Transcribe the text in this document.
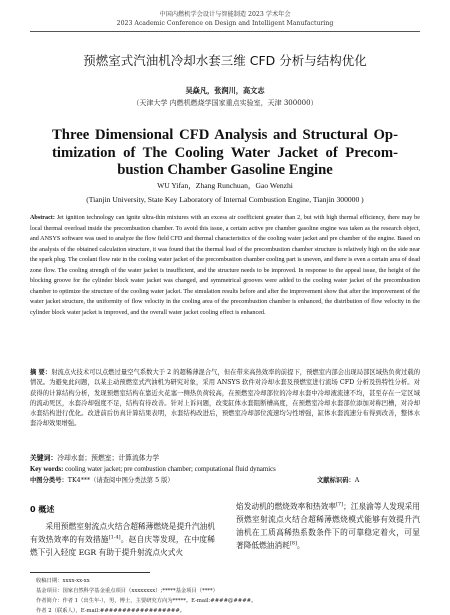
中国内燃机学会设计与智能制造 2023 学术年会
2023 Academic Conference on Design and Intelligent Manufacturing
预燃室式汽油机冷却水套三维 CFD 分析与结构优化
吴焱凡，张润川，高文志
（天津大学 内燃机燃烧学国家重点实验室，天津 300000）
Three Dimensional CFD Analysis and Structural Op-
timization of The Cooling Water Jacket of Precom-
bustion Chamber Gasoline Engine
WU Yifan，Zhang Runchuan，Gao Wenzhi
(Tianjin University, State Key Laboratory of Internal Combustion Engine, Tianjin 300000 )
Abstract: Jet ignition technology can ignite ultra-thin mixtures with an excess air coefficient greater than 2, but with high thermal efficiency, there may be local thermal overload inside the precombustion chamber. To avoid this issue, a certain active pre chamber gasoline engine was taken as the research object, and ANSYS software was used to analyze the flow field CFD and thermal characteristics of the cooling water jacket and pre chamber of the engine. Based on the analysis of the obtained calculation structure, it was found that the thermal load of the precombustion chamber structure is relatively high on the side near the spark plug. The coolant flow rate in the cooling water jacket of the precombustion chamber cooling part is uneven, and there is even a certain area of dead zone flow. The cooling strength of the water jacket is insufficient, and the structure needs to be improved. In response to the appeal issue, the height of the blocking groove for the cylinder block water jacket was changed, and symmetrical grooves were added to the cooling water jacket of the precombustion chamber to optimize the structure of the cooling water jacket. The simulation results before and after the improvement show that after the improvement of the water jacket structure, the uniformity of flow velocity in the cooling area of the precombustion chamber is enhanced, the distribution of flow velocity in the cylinder block water jacket is improved, and the overall water jacket cooling effect is enhanced.
摘 要：射流点火技术可以点燃过量空气系数大于 2 的超稀薄混合气，但在带来高热效率的前提下，预燃室内部会出现局部区域热负荷过载的情况。为避免此问题，以某主动预燃室式汽油机为研究对象，采用 ANSYS 软件对冷却水套及预燃室进行流场 CFD 分析及热特性分析。对获得的计算结构分析，发现预燃室结构在靠近火花塞一侧热负荷较高，在预燃室冷却部位的冷却水套中冷却液流速不均，甚至存在一定区域的流动死区，水套冷却强度不足，结构有待改善。针对上诉问题，改变缸体水套阻断槽高度，在预燃室冷却水套部位添加对称凹槽，对冷却水套结构进行优化。改进前后仿真计算结果表明，水套结构改进后，预燃室冷却部位流速均匀性增强，缸体水套流速分布得到改善，整体水套冷却效果增强。
关键词：冷却水套；预燃室；计算流体力学
Key words: cooling water jacket; pre combustion chamber; computational fluid dynamics
中图分类号：TK4***（请查阅中图分类法第 5 版）	文献标识码：A
0 概述
采用预燃室射流点火结合超稀薄燃烧是提升汽油机有效热效率的有效措施[1-4]。赵自庆等发现，在中度稀燃下引入轻度 EGR 有助于提升射流点火式火
焰发动机的燃烧效率和热效率[7]；江泉渝等人发现采用预燃室射流点火结合超稀薄燃烧模式能够有效提升汽油机在工质高稀热系数条件下的可靠稳定着火，可显著降低燃油消耗[8]。
收稿日期：xxxx-xx-xx
基金项目：国家自然科学基金重点项目（xxxxxxxx）;*****基金项目（****）
作者简介：作者 1（出生年-），男，博士，主要研究方向为*****。E-mail:####@####。
作者 2（联系人），E-mail:##################。
